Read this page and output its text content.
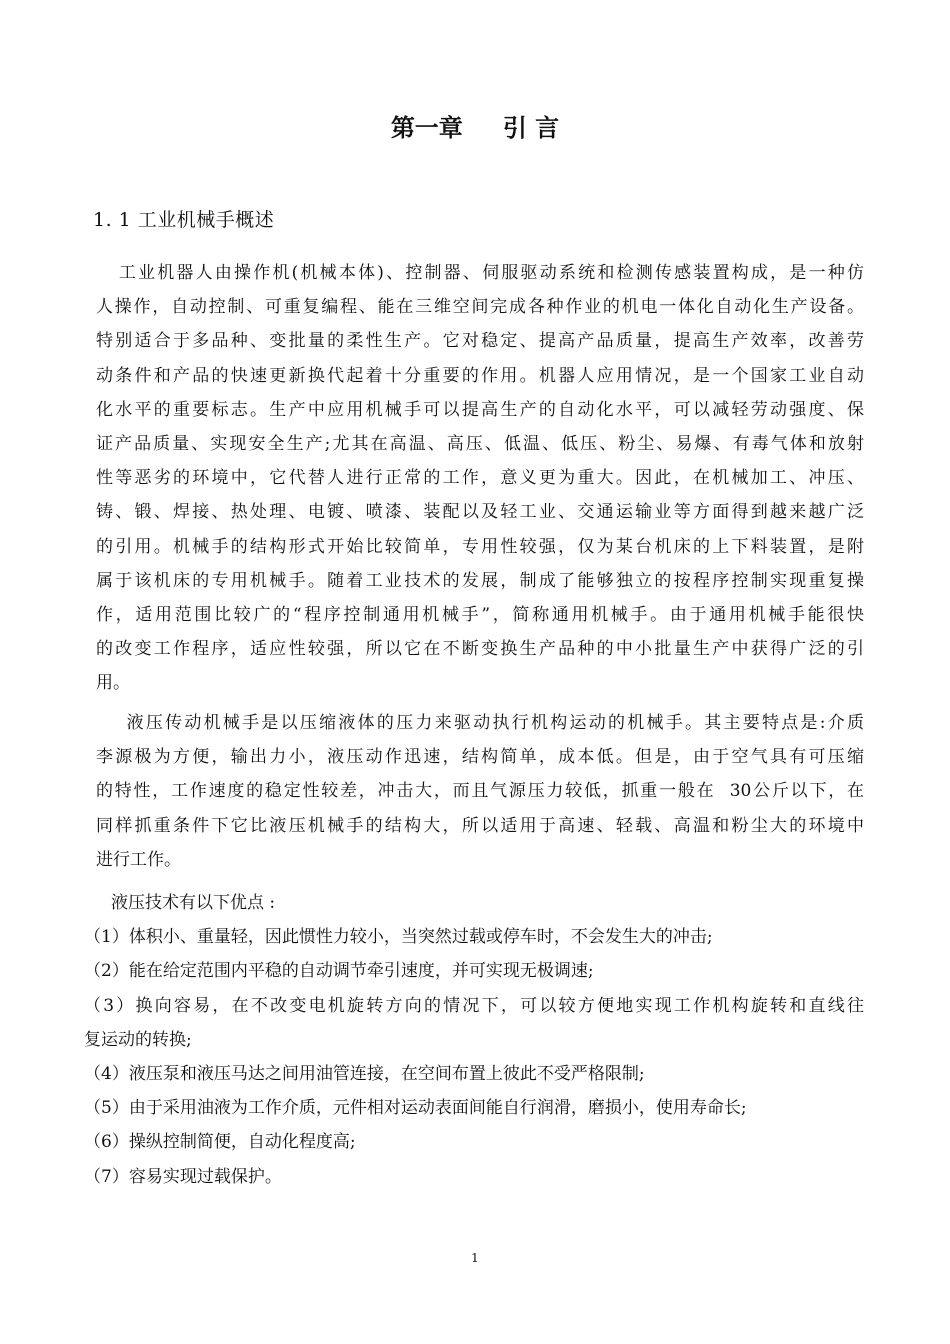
第一章 引 言
1. 1 工业机械手概述
工业机器人由操作机(机械本体)、控制器、伺服驱动系统和检测传感装置构成，是一种仿
人操作，自动控制、可重复编程、能在三维空间完成各种作业的机电一体化自动化生产设备。
特别适合于多品种、变批量的柔性生产。它对稳定、提高产品质量，提高生产效率，改善劳
动条件和产品的快速更新换代起着十分重要的作用。机器人应用情况，是一个国家工业自动
化水平的重要标志。生产中应用机械手可以提高生产的自动化水平，可以减轻劳动强度、保
证产品质量、实现安全生产;尤其在高温、高压、低温、低压、粉尘、易爆、有毒气体和放射
性等恶劣的环境中，它代替人进行正常的工作，意义更为重大。因此，在机械加工、冲压、
铸、锻、焊接、热处理、电镀、喷漆、装配以及轻工业、交通运输业等方面得到越来越广泛
的引用。机械手的结构形式开始比较简单，专用性较强，仅为某台机床的上下料装置，是附
属于该机床的专用机械手。随着工业技术的发展，制成了能够独立的按程序控制实现重复操
作，适用范围比较广的“程序控制通用机械手”，简称通用机械手。由于通用机械手能很快
的改变工作程序，适应性较强，所以它在不断变换生产品种的中小批量生产中获得广泛的引
用。
液压传动机械手是以压缩液体的压力来驱动执行机构运动的机械手。其主要特点是:介质
李源极为方便，输出力小，液压动作迅速，结构简单，成本低。但是，由于空气具有可压缩
的特性，工作速度的稳定性较差，冲击大，而且气源压力较低，抓重一般在  30公斤以下，在
同样抓重条件下它比液压机械手的结构大，所以适用于高速、轻载、高温和粉尘大的环境中
进行工作。
液压技术有以下优点 :
（1）体积小、重量轻，因此惯性力较小，当突然过载或停车时，不会发生大的冲击;
（2）能在给定范围内平稳的自动调节牵引速度，并可实现无极调速;
（3）换向容易，在不改变电机旋转方向的情况下，可以较方便地实现工作机构旋转和直线往
复运动的转换;
（4）液压泵和液压马达之间用油管连接，在空间布置上彼此不受严格限制;
（5）由于采用油液为工作介质，元件相对运动表面间能自行润滑，磨损小，使用寿命长;
（6）操纵控制简便，自动化程度高;
（7）容易实现过载保护。
1
